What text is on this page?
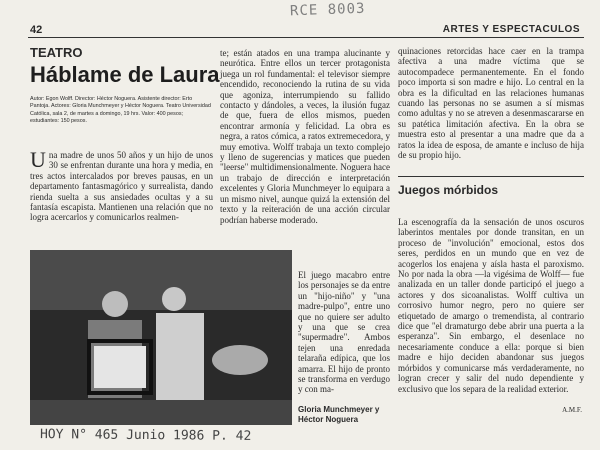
RCE 8003
42	ARTES Y ESPECTACULOS
TEATRO
Háblame de Laura
Autor: Egon Wolff. Director: Héctor Noguera. Asistente director: Erto Pantoja. Actores: Gloria Munchmeyer y Héctor Noguera. Teatro Universidad Católica, sala 2, de martes a domingo, 19 hrs. Valor: 400 pesos; estudiantes: 150 pesos.

Una madre de unos 50 años y un hijo de unos 30 se enfrentan durante una hora y media, en tres actos intercalados por breves pausas, en un departamento fantasmagórico y surrealista, dando rienda suelta a sus ansiedades ocultas y a su fantasía escapista. Mantienen una relación que no logra acercarlos y comunicarlos realmen-

te; están atados en una trampa alucinante y neurótica. Entre ellos un tercer protagonista juega un rol fundamental: el televisor siempre encendido, reconociendo la rutina de su vida que agoniza, interrumpiendo su fallido contacto y dándoles, a veces, la ilusión fugaz de que, fuera de ellos mismos, pueden encontrar armonía y felicidad. La obra es negra, a ratos cómica, a ratos extremecedora, y muy emotiva. Wolff trabaja un texto complejo y lleno de sugerencias y matices que pueden "leerse" multidimensionalmente. Noguera hace un trabajo de dirección e interpretación excelentes y Gloria Munchmeyer lo equipara a un mismo nivel, aunque quizá la extensión del texto y la reiteración de una acción circular podrían haberse moderado.

El juego macabro entre los personajes se da entre un "hijo-niño" y "una madre-pulpo", entre uno que no quiere ser adulto y una que se crea "supermadre". Ambos tejen una enredada telaraña edípica, que los amarra. El hijo de pronto se transforma en verdugo y con ma-

Gloria Munchmeyer y Héctor Noguera

quinaciones retorcidas hace caer en la trampa afectiva a una madre víctima que se autocompadece permanentemente. En el fondo poco importa si son madre e hijo. Lo central en la obra es la dificultad en las relaciones humanas cuando las personas no se asumen a sí mismas como adultas y no se atreven a desenmascararse en su patética limitación afectiva. En la obra se muestra esto al presentar a una madre que da a ratos la idea de esposa, de amante e incluso de hija de su propio hijo.

Juegos mórbidos

La escenografía da la sensación de unos oscuros laberintos mentales por donde transitan, en un proceso de "involución" emocional, estos dos seres, perdidos en un mundo que en vez de acogerlos los enajena y aísla hasta el paroxismo. No por nada la obra —la vigésima de Wolff— fue analizada en un taller donde participó el juego a actores y dos sicoanalistas. Wolff cultiva un corrosivo humor negro, pero no quiere ser etiquetado de amargo o tremendista, al contrario dice que "el dramaturgo debe abrir una puerta a la esperanza". Sin embargo, el desenlace no necesariamente conduce a ella: porque si bien madre e hijo deciden abandonar sus juegos mórbidos y comunicarse más verdaderamente, no logran crecer y salir del nudo dependiente y exclusivo que los separa de la realidad exterior.

A.M.F.
HOY N° 465 Junio 1986 P. 42
